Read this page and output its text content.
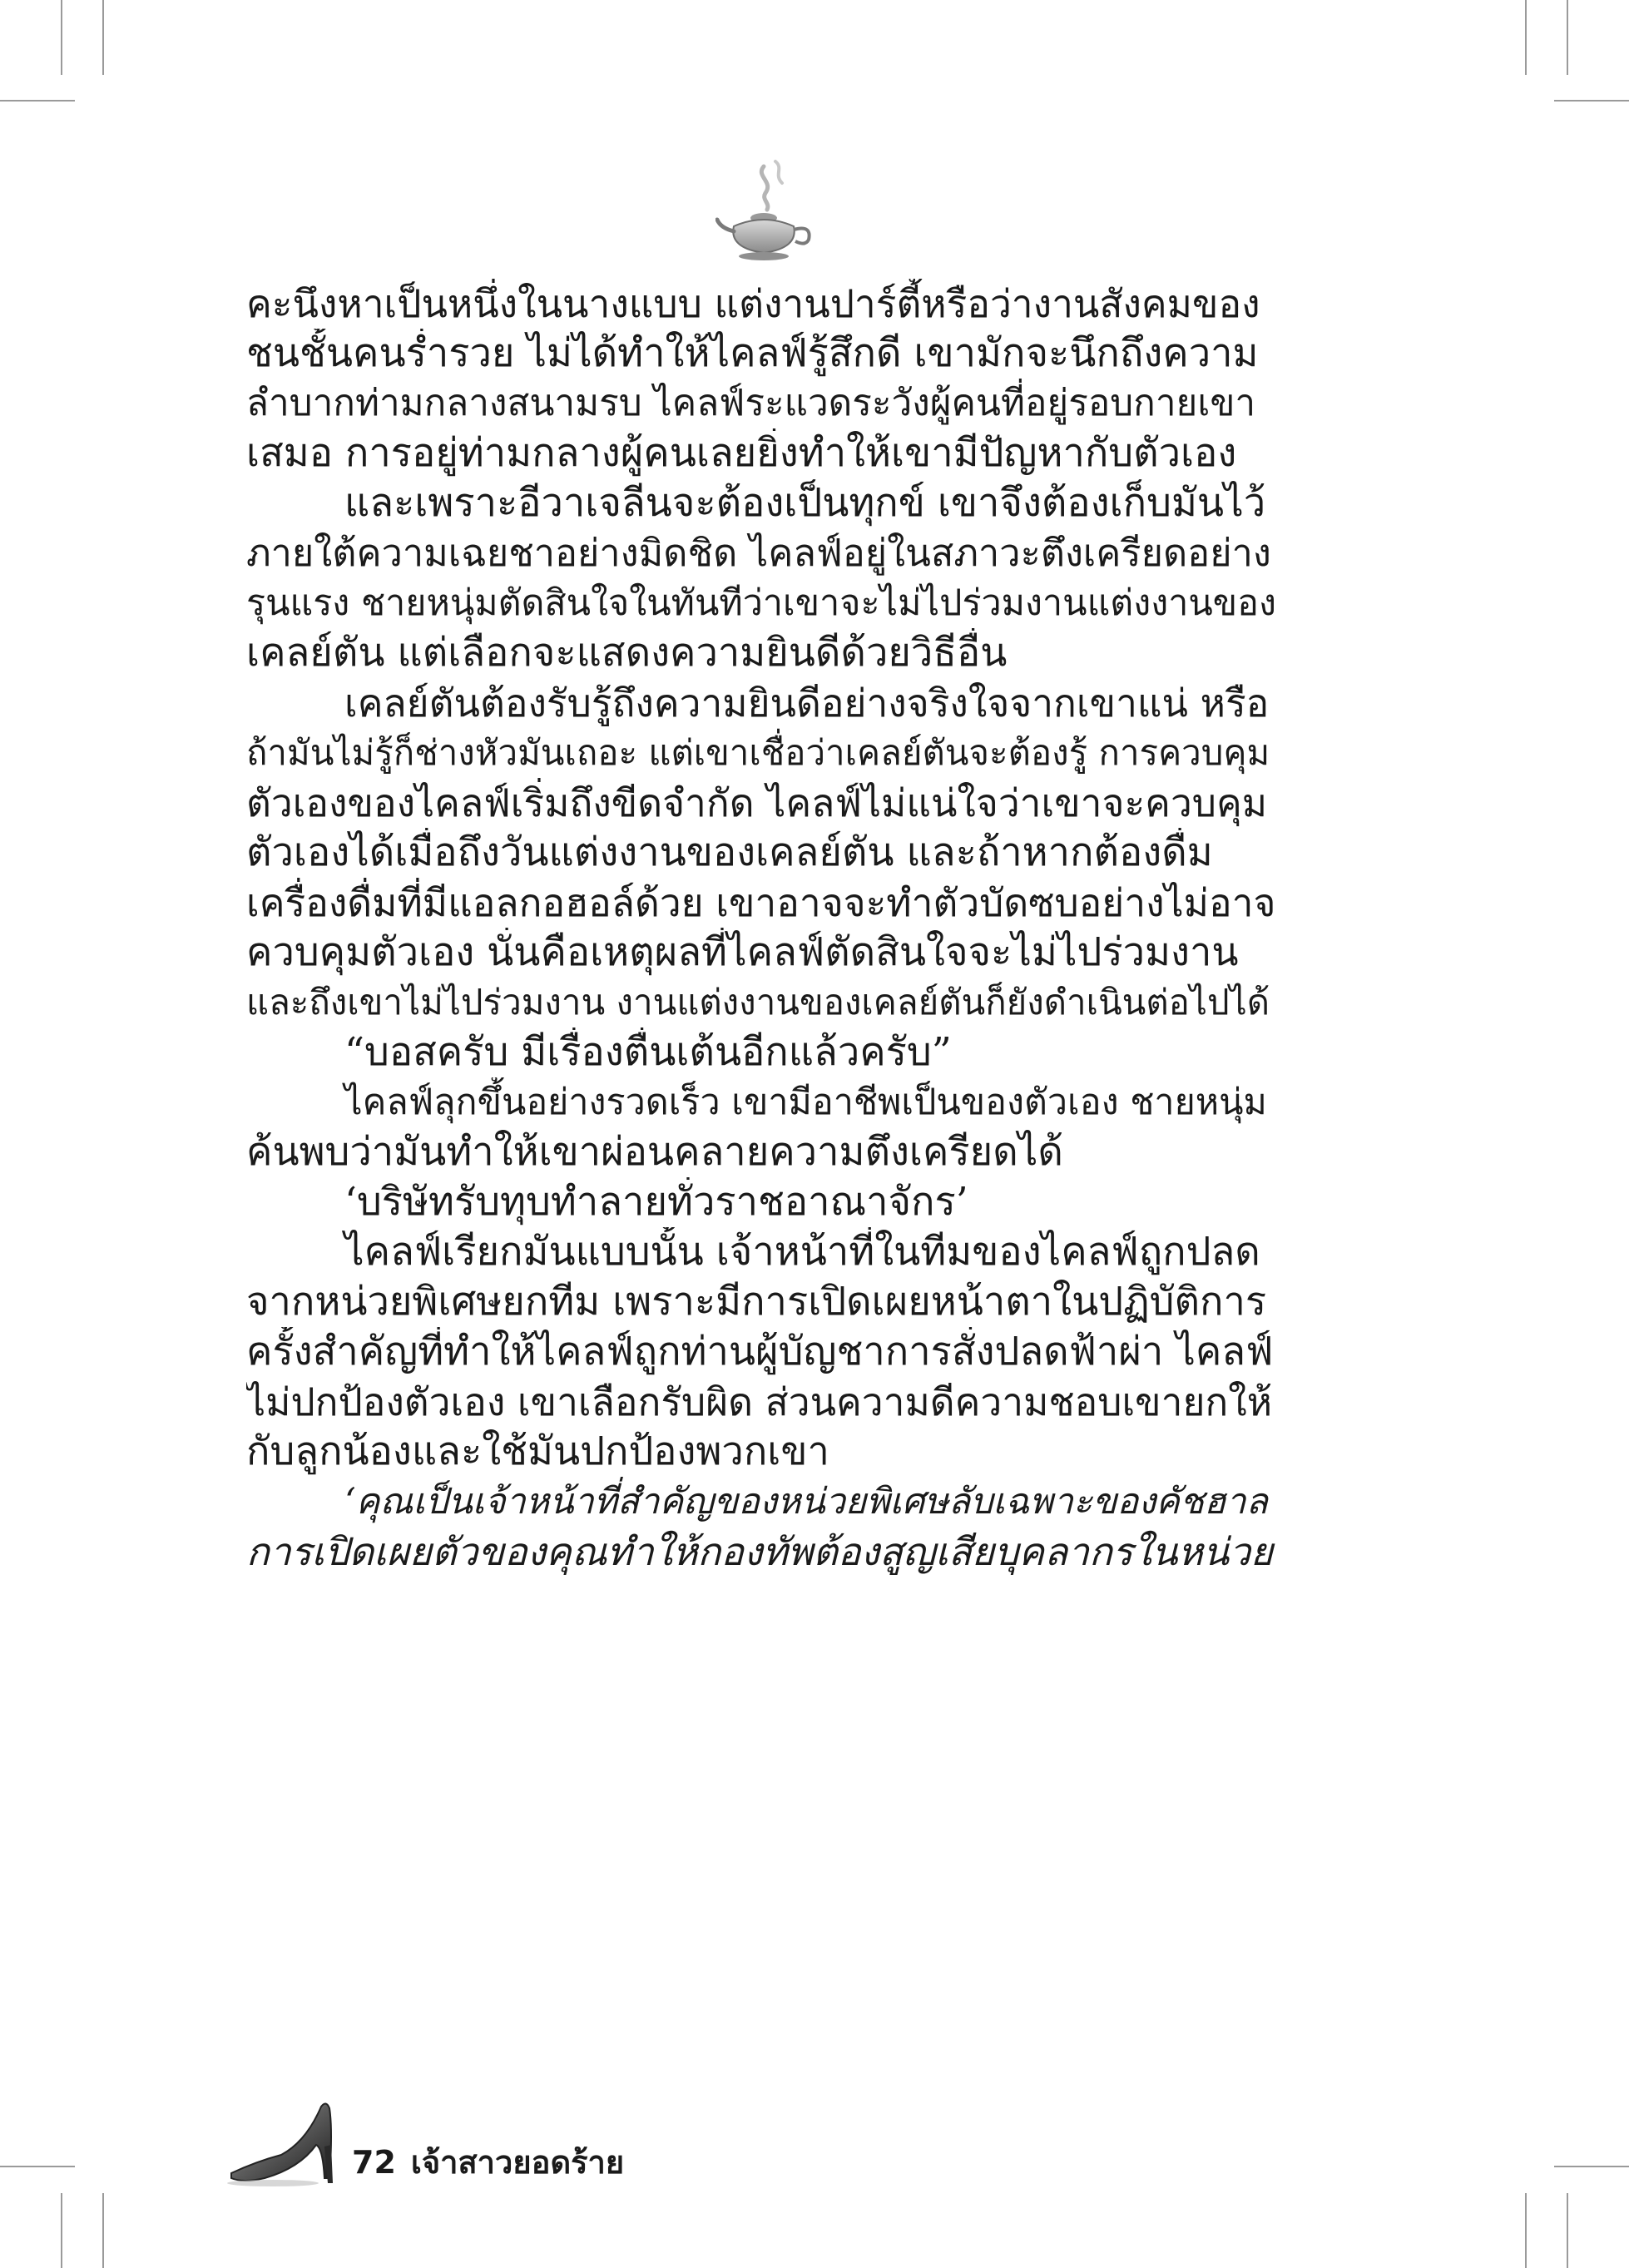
คะนึงหาเป็นหนึ่งในนางแบบ แต่งานปาร์ตี้หรือว่างานสังคมของ
ชนชั้นคนร่ำรวย ไม่ได้ทำให้ไคลฟ์รู้สึกดี เขามักจะนึกถึงความ
ลำบากท่ามกลางสนามรบ ไคลฟ์ระแวดระวังผู้คนที่อยู่รอบกายเขา
เสมอ การอยู่ท่ามกลางผู้คนเลยยิ่งทำให้เขามีปัญหากับตัวเอง
และเพราะอีวาเจลีนจะต้องเป็นทุกข์ เขาจึงต้องเก็บมันไว้
ภายใต้ความเฉยชาอย่างมิดชิด ไคลฟ์อยู่ในสภาวะตึงเครียดอย่าง
รุนแรง ชายหนุ่มตัดสินใจในทันทีว่าเขาจะไม่ไปร่วมงานแต่งงานของ
เคลย์ตัน แต่เลือกจะแสดงความยินดีด้วยวิธีอื่น
เคลย์ตันต้องรับรู้ถึงความยินดีอย่างจริงใจจากเขาแน่ หรือ
ถ้ามันไม่รู้ก็ช่างหัวมันเถอะ แต่เขาเชื่อว่าเคลย์ตันจะต้องรู้ การควบคุม
ตัวเองของไคลฟ์เริ่มถึงขีดจำกัด ไคลฟ์ไม่แน่ใจว่าเขาจะควบคุม
ตัวเองได้เมื่อถึงวันแต่งงานของเคลย์ตัน และถ้าหากต้องดื่ม
เครื่องดื่มที่มีแอลกอฮอล์ด้วย เขาอาจจะทำตัวบัดซบอย่างไม่อาจ
ควบคุมตัวเอง นั่นคือเหตุผลที่ไคลฟ์ตัดสินใจจะไม่ไปร่วมงาน
และถึงเขาไม่ไปร่วมงาน งานแต่งงานของเคลย์ตันก็ยังดำเนินต่อไปได้
“บอสครับ มีเรื่องตื่นเต้นอีกแล้วครับ”
ไคลฟ์ลุกขึ้นอย่างรวดเร็ว เขามีอาชีพเป็นของตัวเอง ชายหนุ่ม
ค้นพบว่ามันทำให้เขาผ่อนคลายความตึงเครียดได้
‘บริษัทรับทุบทำลายทั่วราชอาณาจักร’
ไคลฟ์เรียกมันแบบนั้น เจ้าหน้าที่ในทีมของไคลฟ์ถูกปลด
จากหน่วยพิเศษยกทีม เพราะมีการเปิดเผยหน้าตาในปฏิบัติการ
ครั้งสำคัญที่ทำให้ไคลฟ์ถูกท่านผู้บัญชาการสั่งปลดฟ้าผ่า ไคลฟ์
ไม่ปกป้องตัวเอง เขาเลือกรับผิด ส่วนความดีความชอบเขายกให้
กับลูกน้องและใช้มันปกป้องพวกเขา
‘คุณเป็นเจ้าหน้าที่สำคัญของหน่วยพิเศษลับเฉพาะของคัชฮาล
การเปิดเผยตัวของคุณทำให้กองทัพต้องสูญเสียบุคลากรในหน่วย
72 เจ้าสาวยอดร้าย
